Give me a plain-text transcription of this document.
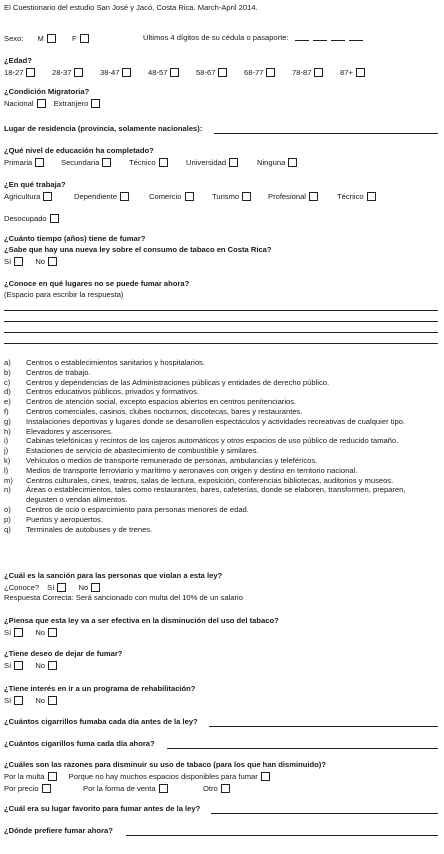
El Cuestionario del estudio San José y Jacó, Costa Rica. March-April 2014.
Sexo: M	F	Últimos 4 dígitos de su cédula o pasaporte:
¿Edad?
18-27	28-37	38-47	48-57	58-67	68-77	78-87	87+
¿Condición Migratoria?
Nacional	Extranjero
Lugar de residencia (provincia, solamente nacionales):
¿Qué nivel de educación ha completado?
Primaria	Secundaria	Técnico	Universidad	Ninguna
¿En qué trabaja?
Agricultura	Dependiente	Comercio	Turismo	Profesional	Técnico
Desocupado
¿Cuánto tiempo (años) tiene de fumar?
¿Sabe que hay una nueva ley sobre el consumo de tabaco en Costa Rica?
Sí	No
¿Conoce en qué lugares no se puede fumar ahora?
(Espacio para escribir la respuesta)
a) Centros o establecimientos sanitarios y hospitalarios.
b) Centros de trabajo.
c) Centros y dependencias de las Administraciones públicas y entidades de derecho público.
d) Centros educativos públicos, privados y formativos.
e) Centros de atención social, excepto espacios abiertos en centros penitenciarios.
f) Centros comerciales, casinos, clubes nocturnos, discotecas, bares y restaurantes.
g) Instalaciones deportivas y lugares donde se desarrollen espectáculos y actividades recreativas de cualquier tipo.
h) Elevadores y ascensores.
i) Cabinas telefónicas y recintos de los cajeros automáticos y otros espacios de uso público de reducido tamaño.
j) Estaciones de servicio de abastecimiento de combustible y similares.
k) Vehículos o medios de transporte remunerado de personas, ambulancias y teleféricos.
l) Medios de transporte ferroviario y marítimo y aeronaves con origen y destino en territorio nacional.
m) Centros culturales, cines, teatros, salas de lectura, exposición, conferencias bibliotecas, auditorios y museos.
n) Áreas o establecimientos, tales como restaurantes, bares, cafeterías, donde se elaboren, transformen, preparen,
degusten o vendan alimentos.
o) Centros de ocio o esparcimiento para personas menores de edad.
p) Puertos y aeropuertos.
q) Terminales de autobuses y de trenes.
¿Cuál es la sanción para las personas que violan a esta ley?
¿Conoce? Sí	No
Respuesta Correcta: Será sancionado con multa del 10% de un salario
¿Piensa que esta ley va a ser efectiva en la disminución del uso del tabaco?
Sí	No
¿Tiene deseo de dejar de fumar?
Sí	No
¿Tiene interés en ir a un programa de rehabilitación?
Sí	No
¿Cuántos cigarrillos fumaba cada día antes de la ley?
¿Cuántos cigarillos fuma cada día ahora?
¿Cuáles son las razones para disminuir su uso de tabaco (para los que han disminuido)?
Por la multa	Porque no hay muchos espacios disponibles para fumar
Por precio	Por la forma de venta	Otro
¿Cuál era su lugar favorito para fumar antes de la ley?
¿Dónde prefiere fumar ahora?
